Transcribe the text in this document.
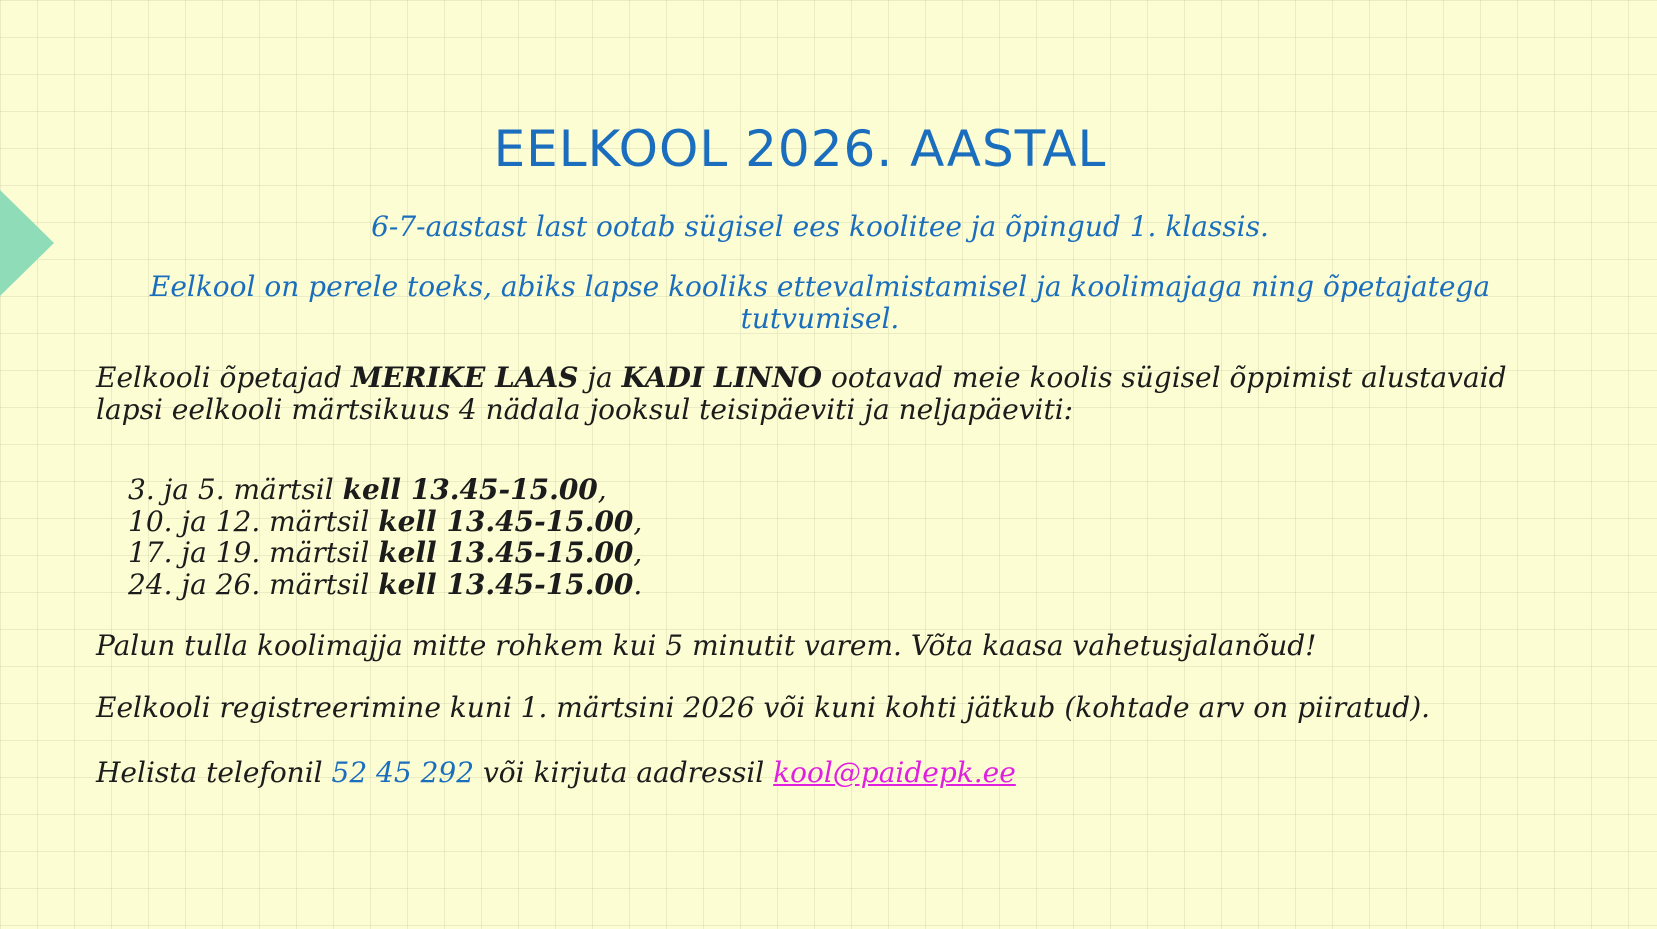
EELKOOL 2026. AASTAL

6-7-aastast last ootab sügisel ees koolitee ja õpingud 1. klassis.

Eelkool on perele toeks, abiks lapse kooliks ettevalmistamisel ja koolimajaga ning õpetajatega tutvumisel.

Eelkooli õpetajad MERIKE LAAS ja KADI LINNO ootavad meie koolis sügisel õppimist alustavaid lapsi eelkooli märtsikuus 4 nädala jooksul teisipäeviti ja neljapäeviti:

3. ja 5. märtsil kell 13.45-15.00,
10. ja 12. märtsil kell 13.45-15.00,
17. ja 19. märtsil kell 13.45-15.00,
24. ja 26. märtsil kell 13.45-15.00.

Palun tulla koolimajja mitte rohkem kui 5 minutit varem. Võta kaasa vahetusjalanõud!

Eelkooli registreerimine kuni 1. märtsini 2026 või kuni kohti jätkub (kohtade arv on piiratud).

Helista telefonil 52 45 292 või kirjuta aadressil kool@paidepk.ee
